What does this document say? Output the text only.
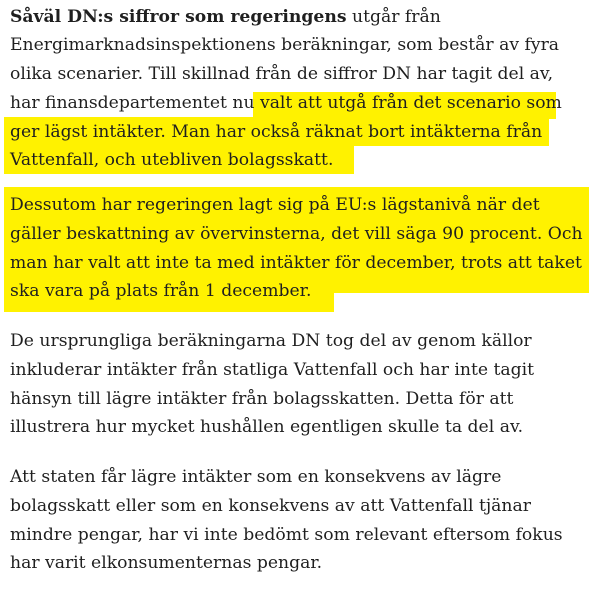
Såväl DN:s siffror som regeringens utgår från
Energimarknadsinspektionens beräkningar, som består av fyra
olika scenarier. Till skillnad från de siffror DN har tagit del av,
har finansdepartementet nu valt att utgå från det scenario som
ger lägst intäkter. Man har också räknat bort intäkterna från
Vattenfall, och utebliven bolagsskatt.
Dessutom har regeringen lagt sig på EU:s lägstanivå när det
gäller beskattning av övervinsterna, det vill säga 90 procent. Och
man har valt att inte ta med intäkter för december, trots att taket
ska vara på plats från 1 december.
De ursprungliga beräkningarna DN tog del av genom källor
inkluderar intäkter från statliga Vattenfall och har inte tagit
hänsyn till lägre intäkter från bolagsskatten. Detta för att
illustrera hur mycket hushållen egentligen skulle ta del av.
Att staten får lägre intäkter som en konsekvens av lägre
bolagsskatt eller som en konsekvens av att Vattenfall tjänar
mindre pengar, har vi inte bedömt som relevant eftersom fokus
har varit elkonsumenternas pengar.
